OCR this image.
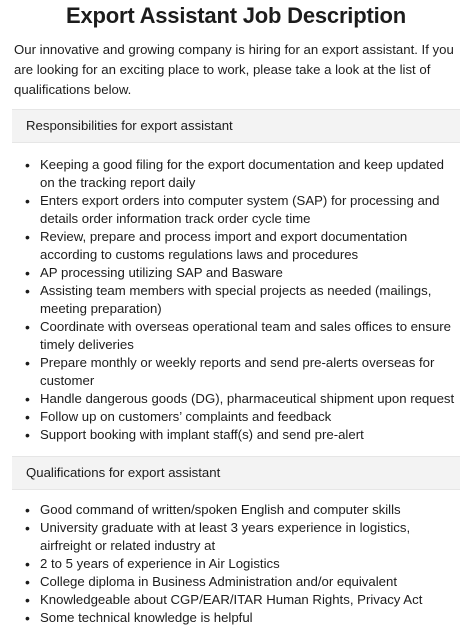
Export Assistant Job Description

Our innovative and growing company is hiring for an export assistant. If you are looking for an exciting place to work, please take a look at the list of qualifications below.

Responsibilities for export assistant
• Keeping a good filing for the export documentation and keep updated on the tracking report daily
• Enters export orders into computer system (SAP) for processing and details order information track order cycle time
• Review, prepare and process import and export documentation according to customs regulations laws and procedures
• AP processing utilizing SAP and Basware
• Assisting team members with special projects as needed (mailings, meeting preparation)
• Coordinate with overseas operational team and sales offices to ensure timely deliveries
• Prepare monthly or weekly reports and send pre-alerts overseas for customer
• Handle dangerous goods (DG), pharmaceutical shipment upon request
• Follow up on customers’ complaints and feedback
• Support booking with implant staff(s) and send pre-alert
Qualifications for export assistant
• Good command of written/spoken English and computer skills
• University graduate with at least 3 years experience in logistics, airfreight or related industry at
• 2 to 5 years of experience in Air Logistics
• College diploma in Business Administration and/or equivalent
• Knowledgeable about CGP/EAR/ITAR Human Rights, Privacy Act
• Some technical knowledge is helpful
